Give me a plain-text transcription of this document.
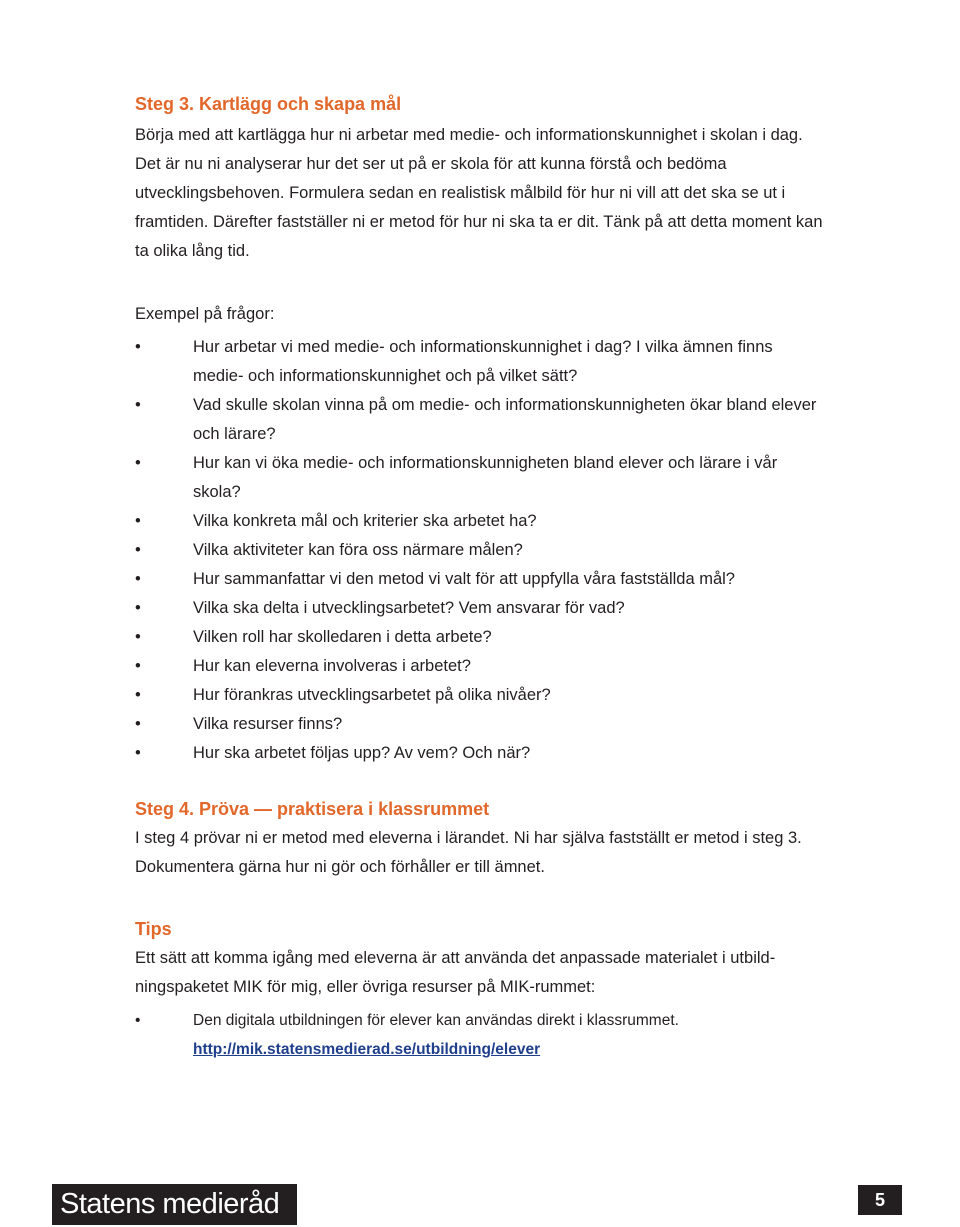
Steg 3. Kartlägg och skapa mål

Börja med att kartlägga hur ni arbetar med medie- och informationskunnighet i skolan i dag. Det är nu ni analyserar hur det ser ut på er skola för att kunna förstå och bedöma utvecklingsbehoven. Formulera sedan en realistisk målbild för hur ni vill att det ska se ut i framtiden. Därefter fastställer ni er metod för hur ni ska ta er dit. Tänk på att detta moment kan ta olika lång tid.

Exempel på frågor:

•	Hur arbetar vi med medie- och informationskunnighet i dag? I vilka ämnen finns medie- och informationskunnighet och på vilket sätt?
•	Vad skulle skolan vinna på om medie- och informationskunnigheten ökar bland elever och lärare?
•	Hur kan vi öka medie- och informationskunnigheten bland elever och lärare i vår skola?
•	Vilka konkreta mål och kriterier ska arbetet ha?
•	Vilka aktiviteter kan föra oss närmare målen?
•	Hur sammanfattar vi den metod vi valt för att uppfylla våra fastställda mål?
•	Vilka ska delta i utvecklingsarbetet? Vem ansvarar för vad?
•	Vilken roll har skolledaren i detta arbete?
•	Hur kan eleverna involveras i arbetet?
•	Hur förankras utvecklingsarbetet på olika nivåer?
•	Vilka resurser finns?
•	Hur ska arbetet följas upp? Av vem? Och när?
Steg 4. Pröva — praktisera i klassrummet

I steg 4 prövar ni er metod med eleverna i lärandet. Ni har själva fastställt er metod i steg 3. Dokumentera gärna hur ni gör och förhåller er till ämnet.

Tips

Ett sätt att komma igång med eleverna är att använda det anpassade materialet i utbild-ningspaketet MIK för mig, eller övriga resurser på MIK-rummet:

•	Den digitala utbildningen för elever kan användas direkt i klassrummet.
http://mik.statensmedierad.se/utbildning/elever
Statens medieråd	5
